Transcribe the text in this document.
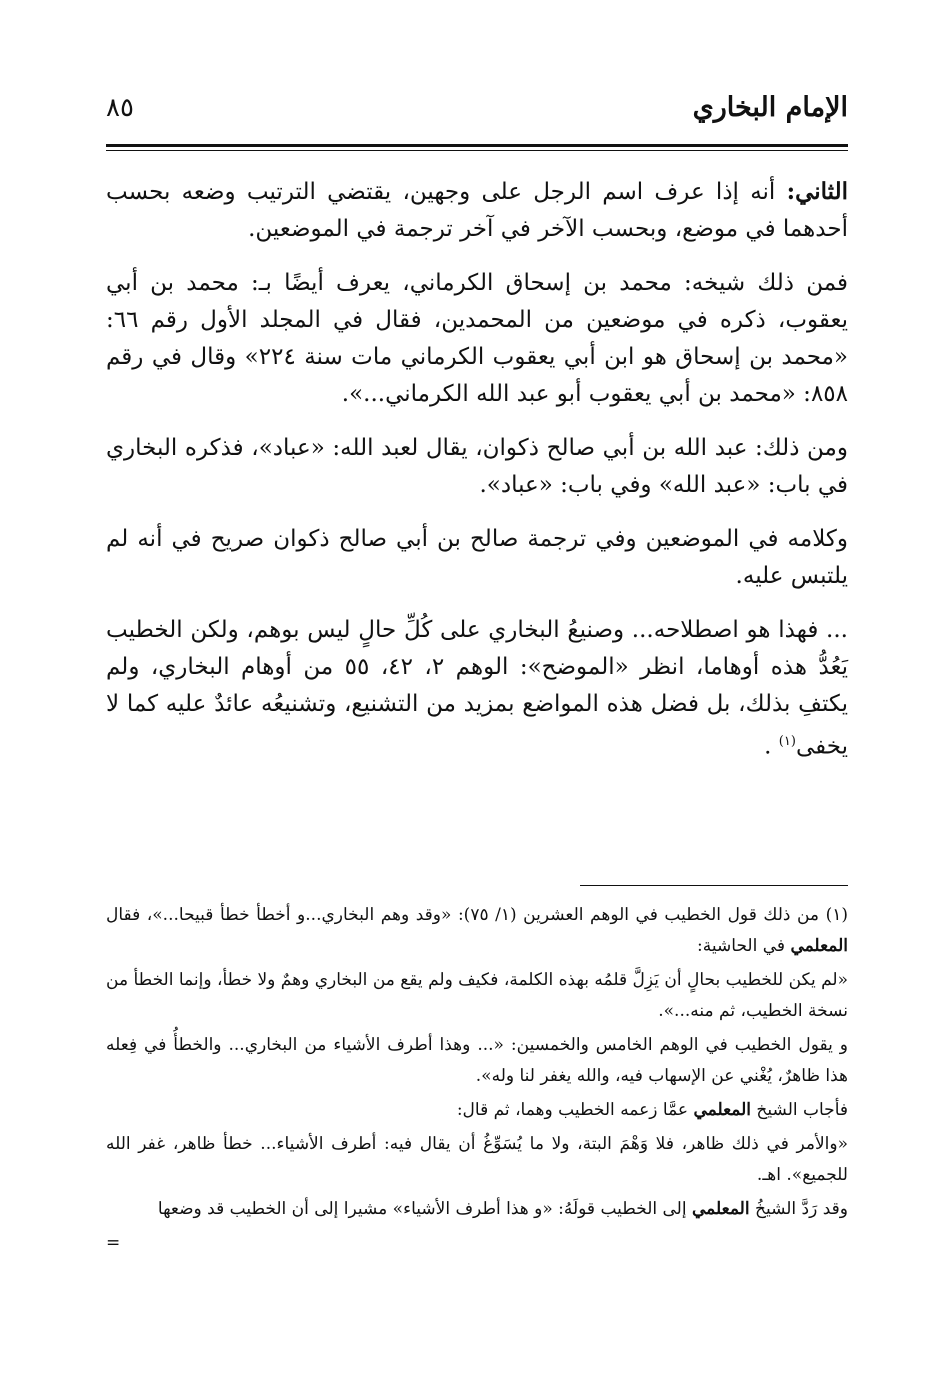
الإمام البخاري
٨٥

الثاني: أنه إذا عرف اسم الرجل على وجهين، يقتضي الترتيب وضعه بحسب أحدهما في موضع، وبحسب الآخر في آخر ترجمة في الموضعين.

فمن ذلك شيخه: محمد بن إسحاق الكرماني، يعرف أيضًا بـ: محمد بن أبي يعقوب، ذكره في موضعين من المحمدين، فقال في المجلد الأول رقم ٦٦: «محمد بن إسحاق هو ابن أبي يعقوب الكرماني مات سنة ٢٢٤» وقال في رقم ٨٥٨: «محمد بن أبي يعقوب أبو عبد الله الكرماني...».

ومن ذلك: عبد الله بن أبي صالح ذكوان، يقال لعبد الله: «عباد»، فذكره البخاري في باب: «عبد الله» وفي باب: «عباد».

وكلامه في الموضعين وفي ترجمة صالح بن أبي صالح ذكوان صريح في أنه لم يلتبس عليه.

... فهذا هو اصطلاحه... وصنيعُ البخاري على كُلِّ حالٍ ليس بوهم، ولكن الخطيب يَعُدُّ هذه أوهاما، انظر «الموضح»: الوهم ٢، ٤٢، ٥٥ من أوهام البخاري، ولم يكتفِ بذلك، بل فضل هذه المواضع بمزيد من التشنيع، وتشنيعُه عائدٌ عليه كما لا يخفى$^{(١)}$ .

(١) من ذلك قول الخطيب في الوهم العشرين (١/ ٧٥): «وقد وهم البخاري...و أخطأ خطأ قبيحا...»، فقال المعلمي في الحاشية:

«لم يكن للخطيب بحالٍ أن يَزِلَّ قلمُه بهذه الكلمة، فكيف ولم يقع من البخاري وهمٌ ولا خطأ، وإنما الخطأ من نسخة الخطيب، ثم منه...».

و يقول الخطيب في الوهم الخامس والخمسين: «... وهذا أطرف الأشياء من البخاري... والخطأُ في فِعله هذا ظاهرٌ، يُغْني عن الإسهاب فيه، والله يغفر لنا وله».

فأجاب الشيخ المعلمي عمَّا زعمه الخطيب وهما، ثم قال:

«والأمر في ذلك ظاهر، فلا وَهْمَ البتة، ولا ما يُسَوِّغُ أن يقال فيه: أطرف الأشياء... خطأ ظاهر، غفر الله للجميع». اهـ.

وقد رَدَّ الشيخُ المعلمي إلى الخطيب قولَهُ: «و هذا أطرف الأشياء» مشيرا إلى أن الخطيب قد وضعها

=
